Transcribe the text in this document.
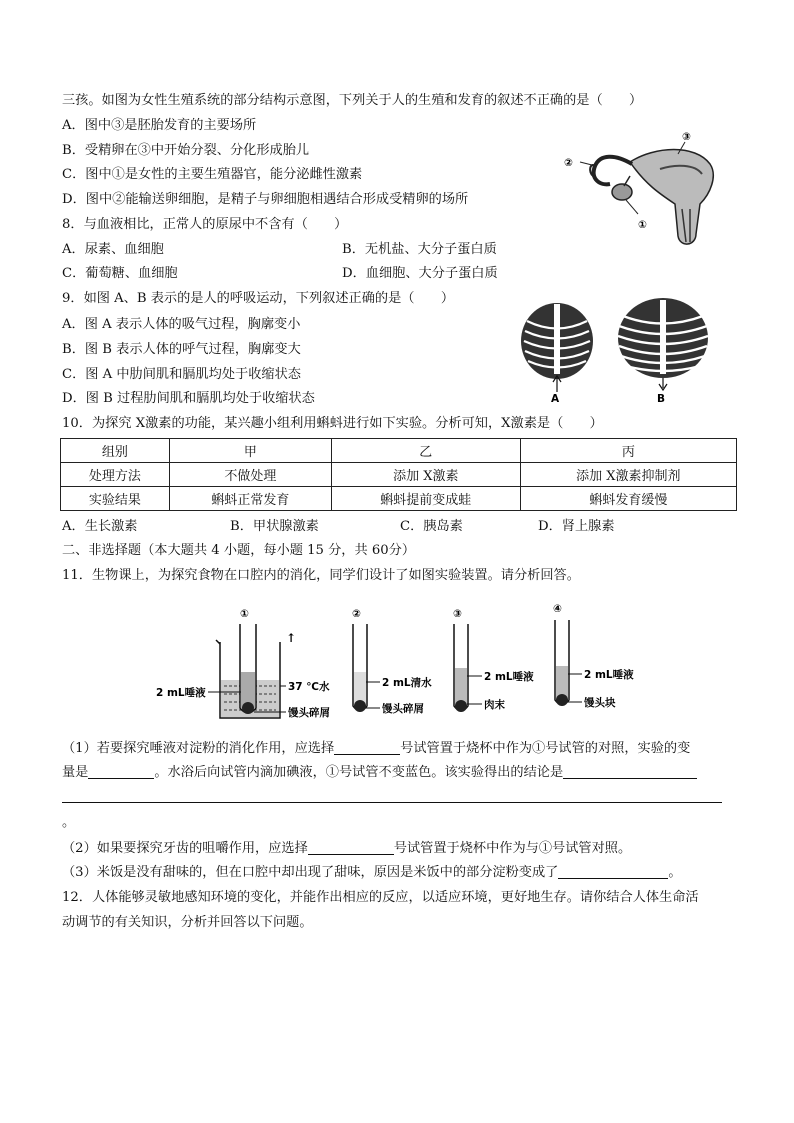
三孩。如图为女性生殖系统的部分结构示意图，下列关于人的生殖和发育的叙述不正确的是（　　）
A．图中③是胚胎发育的主要场所
B．受精卵在③中开始分裂、分化形成胎儿
C．图中①是女性的主要生殖器官，能分泌雌性激素
D．图中②能输送卵细胞，是精子与卵细胞相遇结合形成受精卵的场所
③
②
①
8．与血液相比，正常人的原尿中不含有（　　）
A．尿素、血细胞	B．无机盐、大分子蛋白质
C．葡萄糖、血细胞	D．血细胞、大分子蛋白质
9．如图 A、B 表示的是人的呼吸运动，下列叙述正确的是（　　）
A．图 A 表示人体的吸气过程，胸廓变小
B．图 B 表示人体的呼气过程，胸廓变大
C．图 A 中肋间肌和膈肌均处于收缩状态
D．图 B 过程肋间肌和膈肌均处于收缩状态	A	B
10．为探究 X激素的功能，某兴趣小组利用蝌蚪进行如下实验。分析可知，X激素是（　　）
组别	甲	乙	丙
处理方法	不做处理	添加 X激素	添加 X激素抑制剂
实验结果	蝌蚪正常发育	蝌蚪提前变成蛙	蝌蚪发育缓慢
A．生长激素	B．甲状腺激素	C．胰岛素	D．肾上腺素
二、非选择题（本大题共 4 小题，每小题 15 分，共 60分）
11．生物课上，为探究食物在口腔内的消化，同学们设计了如图实验装置。请分析回答。
①
2 mL唾液	37 ℃水
馒头碎屑
↑
②
2 mL清水
馒头碎屑
③
2 mL唾液
肉末
④
2 mL唾液
馒头块
（1）若要探究唾液对淀粉的消化作用，应选择	号试管置于烧杯中作为①号试管的对照，实验的变
量是	。水浴后向试管内滴加碘液，①号试管不变蓝色。该实验得出的结论是
。
（2）如果要探究牙齿的咀嚼作用，应选择	号试管置于烧杯中作为与①号试管对照。
（3）米饭是没有甜味的，但在口腔中却出现了甜味，原因是米饭中的部分淀粉变成了	。
12．人体能够灵敏地感知环境的变化，并能作出相应的反应，以适应环境，更好地生存。请你结合人体生命活
动调节的有关知识，分析并回答以下问题。
